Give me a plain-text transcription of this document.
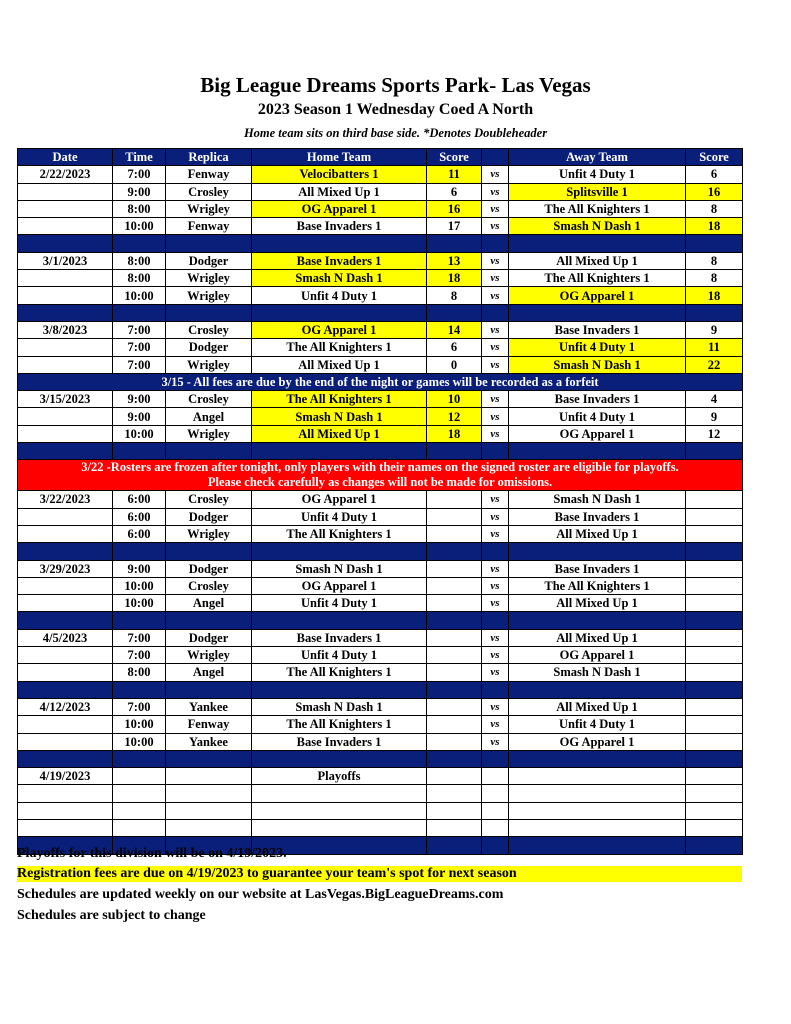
Big League Dreams Sports Park- Las Vegas
2023 Season 1 Wednesday Coed A North
Home team sits on third base side. *Denotes Doubleheader
Date	Time	Replica	Home Team	Score		Away Team	Score
2/22/2023	7:00	Fenway	Velocibatters 1	11	vs	Unfit 4 Duty 1	6
	9:00	Crosley	All Mixed Up 1	6	vs	Splitsville 1	16
	8:00	Wrigley	OG Apparel 1	16	vs	The All Knighters 1	8
	10:00	Fenway	Base Invaders 1	17	vs	Smash N Dash 1	18

3/1/2023	8:00	Dodger	Base Invaders 1	13	vs	All Mixed Up 1	8
	8:00	Wrigley	Smash N Dash 1	18	vs	The All Knighters 1	8
	10:00	Wrigley	Unfit 4 Duty 1	8	vs	OG Apparel 1	18

3/8/2023	7:00	Crosley	OG Apparel 1	14	vs	Base Invaders 1	9
	7:00	Dodger	The All Knighters 1	6	vs	Unfit 4 Duty 1	11
	7:00	Wrigley	All Mixed Up 1	0	vs	Smash N Dash 1	22
3/15 - All fees are due by the end of the night or games will be recorded as a forfeit							
3/15/2023	9:00	Crosley	The All Knighters 1	10	vs	Base Invaders 1	4
	9:00	Angel	Smash N Dash 1	12	vs	Unfit 4 Duty 1	9
	10:00	Wrigley	All Mixed Up 1	18	vs	OG Apparel 1	12

3/22 -Rosters are frozen after tonight, only players with their names on the signed roster are eligible for playoffs.
Please check carefully as changes will not be made for omissions.							

3/22/2023	6:00	Crosley	OG Apparel 1		vs	Smash N Dash 1	
	6:00	Dodger	Unfit 4 Duty 1		vs	Base Invaders 1	
	6:00	Wrigley	The All Knighters 1		vs	All Mixed Up 1	

3/29/2023	9:00	Dodger	Smash N Dash 1		vs	Base Invaders 1	
	10:00	Crosley	OG Apparel 1		vs	The All Knighters 1	
	10:00	Angel	Unfit 4 Duty 1		vs	All Mixed Up 1	

4/5/2023	7:00	Dodger	Base Invaders 1		vs	All Mixed Up 1	
	7:00	Wrigley	Unfit 4 Duty 1		vs	OG Apparel 1	
	8:00	Angel	The All Knighters 1		vs	Smash N Dash 1	

4/12/2023	7:00	Yankee	Smash N Dash 1		vs	All Mixed Up 1	
	10:00	Fenway	The All Knighters 1		vs	Unfit 4 Duty 1	
	10:00	Yankee	Base Invaders 1		vs	OG Apparel 1	

4/19/2023			Playoffs				

Playoffs for this division will be on 4/19/2023.
Registration fees are due on 4/19/2023 to guarantee your team's spot for next season
Schedules are updated weekly on our website at LasVegas.BigLeagueDreams.com
Schedules are subject to change
